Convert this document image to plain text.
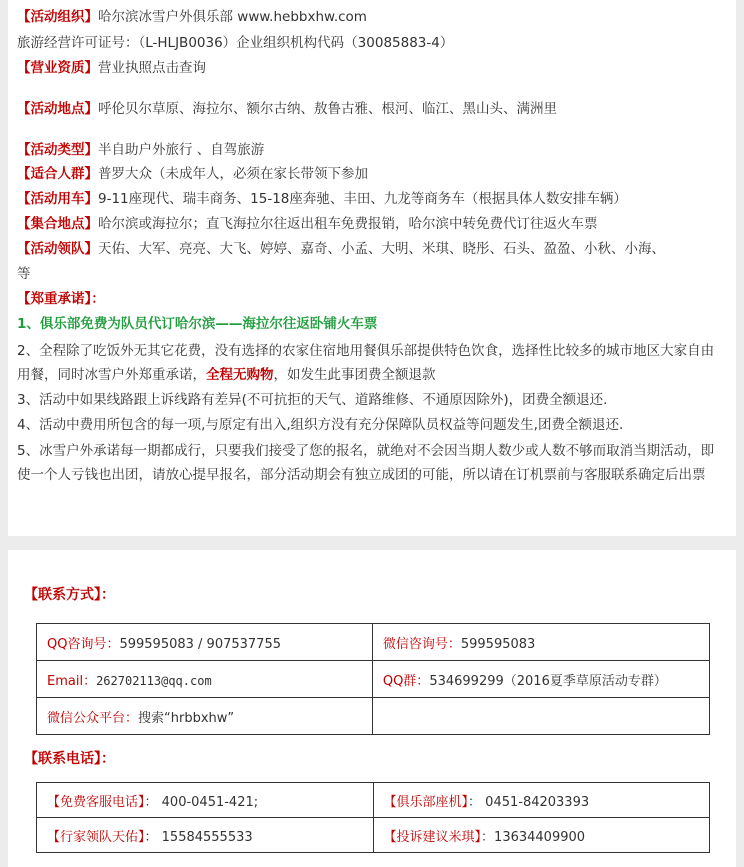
【活动组织】哈尔滨冰雪户外俱乐部 www.hebbxhw.com
旅游经营许可证号：（L-HLJB0036）企业组织机构代码（30085883-4）
【营业资质】营业执照点击查询
【活动地点】呼伦贝尔草原、海拉尔、额尔古纳、敖鲁古雅、根河、临江、黑山头、满洲里
【活动类型】半自助户外旅行 、自驾旅游
【适合人群】普罗大众（未成年人，必须在家长带领下参加
【活动用车】9-11座现代、瑞丰商务、15-18座奔驰、丰田、九龙等商务车（根据具体人数安排车辆）
【集合地点】哈尔滨或海拉尔；直飞海拉尔往返出租车免费报销，哈尔滨中转免费代订往返火车票
【活动领队】天佑、大军、亮亮、大飞、婷婷、嘉奇、小孟、大明、米琪、晓彤、石头、盈盈、小秋、小海、
等
【郑重承诺】：
1、俱乐部免费为队员代订哈尔滨——海拉尔往返卧铺火车票
2、全程除了吃饭外无其它花费，没有选择的农家住宿地用餐俱乐部提供特色饮食，选择性比较多的城市地区大家自由用餐，同时冰雪户外郑重承诺，全程无购物，如发生此事团费全额退款
3、活动中如果线路跟上诉线路有差异(不可抗拒的天气、道路维修、不通原因除外)，团费全额退还.
4、活动中费用所包含的每一项,与原定有出入,组织方没有充分保障队员权益等问题发生,团费全额退还.
5、冰雪户外承诺每一期都成行，只要我们接受了您的报名，就绝对不会因当期人数少或人数不够而取消当期活动，即使一个人亏钱也出团，请放心提早报名，部分活动期会有独立成团的可能，所以请在订机票前与客服联系确定后出票
【联系方式】：
QQ咨询号：599595083 / 907537755	微信咨询号：599595083
Email：262702113@qq.com	QQ群：534699299（2016夏季草原活动专群）
微信公众平台：搜索“hrbbxhw”	
【联系电话】：
【免费客服电话】： 400-0451-421;	【俱乐部座机】： 0451-84203393
【行家领队天佑】： 15584555533	【投诉建议米琪】：13634409900
